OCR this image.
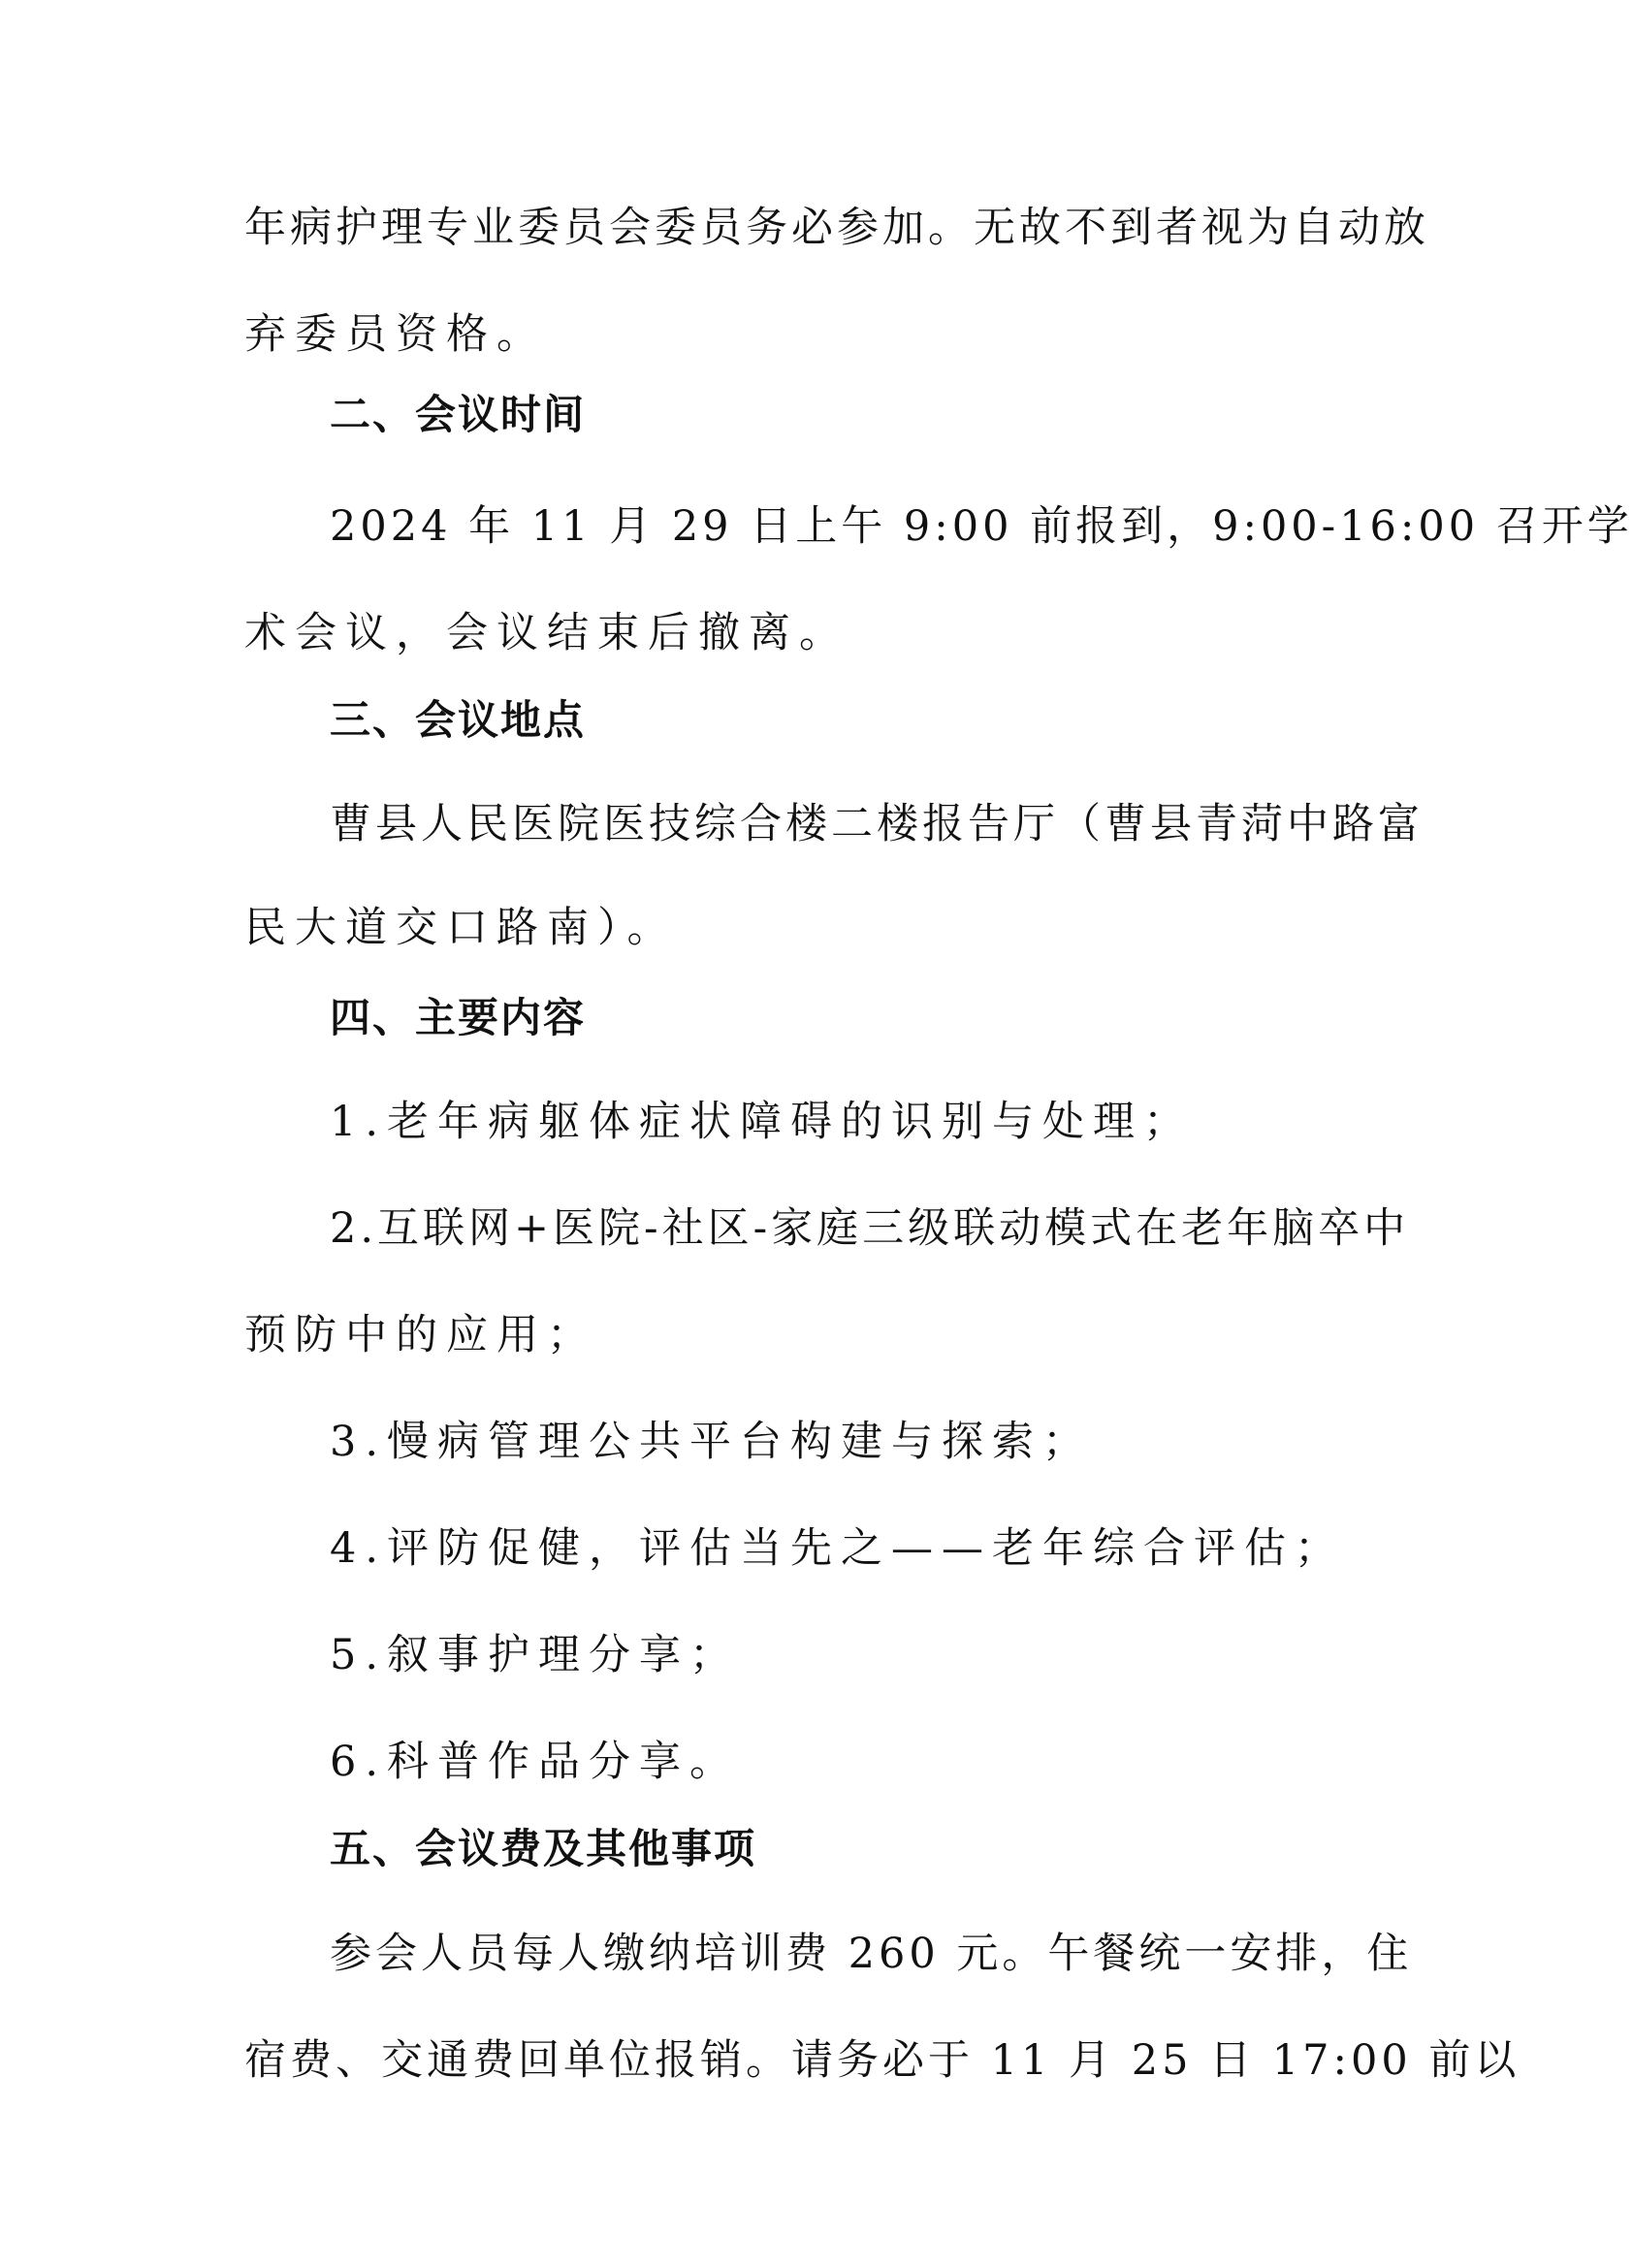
年病护理专业委员会委员务必参加。无故不到者视为自动放
弃委员资格。
二、会议时间
2024 年 11 月 29 日上午 9:00 前报到，9:00-16:00 召开学
术会议，会议结束后撤离。
三、会议地点
曹县人民医院医技综合楼二楼报告厅（曹县青菏中路富
民大道交口路南）。
四、主要内容
1.老年病躯体症状障碍的识别与处理；
2.互联网+医院-社区-家庭三级联动模式在老年脑卒中
预防中的应用；
3.慢病管理公共平台构建与探索；
4.评防促健，评估当先之——老年综合评估；
5.叙事护理分享；
6.科普作品分享。
五、会议费及其他事项
参会人员每人缴纳培训费 260 元。午餐统一安排，住
宿费、交通费回单位报销。请务必于 11 月 25 日 17:00 前以
